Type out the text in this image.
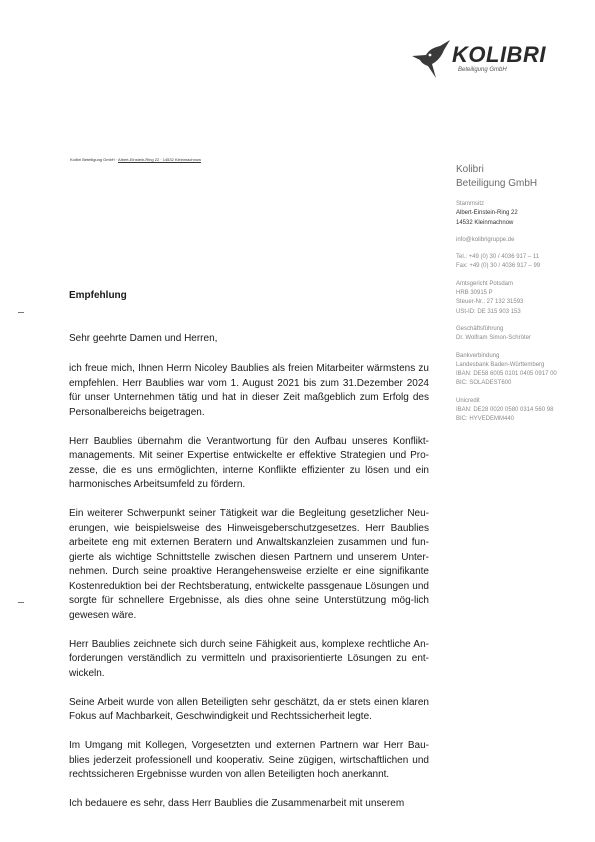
KOLIBRI
Beteiligung GmbH
Kolibri Beteiligung GmbH · Albert-Einstein-Ring 22 · 14532 Kleinmachnow
Kolibri
Beteiligung GmbH
Stammsitz
Albert-Einstein-Ring 22
14532 Kleinmachnow
info@kolibrigruppe.de
Tel.: +49 (0) 30 / 4036 917 – 11
Fax: +49 (0) 30 / 4036 917 – 99
Amtsgericht Potsdam
HRB 30915 P
Steuer-Nr.: 27 132 31593
USt-ID: DE 315 903 153
Geschäftsführung
Dr. Wolfram Simon-Schröter
Bankverbindung
Landesbank Baden-Württemberg
IBAN: DE58 6005 0101 0405 0917 00
BIC: SOLADEST600
Unicredit
IBAN: DE28 0020 0580 0314 560 98
BIC: HYVEDEMM440
Empfehlung

Sehr geehrte Damen und Herren,

ich freue mich, Ihnen Herrn Nicoley Baublies als freien Mitarbeiter wärmstens zu empfehlen. Herr Baublies war vom 1. August 2021 bis zum 31.Dezember 2024 für unser Unternehmen tätig und hat in dieser Zeit maßgeblich zum Erfolg des Personalbereichs beigetragen.

Herr Baublies übernahm die Verantwortung für den Aufbau unseres Konflikt-managements. Mit seiner Expertise entwickelte er effektive Strategien und Pro-zesse, die es uns ermöglichten, interne Konflikte effizienter zu lösen und ein harmonisches Arbeitsumfeld zu fördern.

Ein weiterer Schwerpunkt seiner Tätigkeit war die Begleitung gesetzlicher Neu-erungen, wie beispielsweise des Hinweisgeberschutzgesetzes. Herr Baublies arbeitete eng mit externen Beratern und Anwaltskanzleien zusammen und fun-gierte als wichtige Schnittstelle zwischen diesen Partnern und unserem Unter-nehmen. Durch seine proaktive Herangehensweise erzielte er eine signifikante Kostenreduktion bei der Rechtsberatung, entwickelte passgenaue Lösungen und sorgte für schnellere Ergebnisse, als dies ohne seine Unterstützung mög-lich gewesen wäre.

Herr Baublies zeichnete sich durch seine Fähigkeit aus, komplexe rechtliche An-forderungen verständlich zu vermitteln und praxisorientierte Lösungen zu ent-wickeln.

Seine Arbeit wurde von allen Beteiligten sehr geschätzt, da er stets einen klaren Fokus auf Machbarkeit, Geschwindigkeit und Rechtssicherheit legte.

Im Umgang mit Kollegen, Vorgesetzten und externen Partnern war Herr Bau-blies jederzeit professionell und kooperativ. Seine zügigen, wirtschaftlichen und rechtssicheren Ergebnisse wurden von allen Beteiligten hoch anerkannt.

Ich bedauere es sehr, dass Herr Baublies die Zusammenarbeit mit unserem
